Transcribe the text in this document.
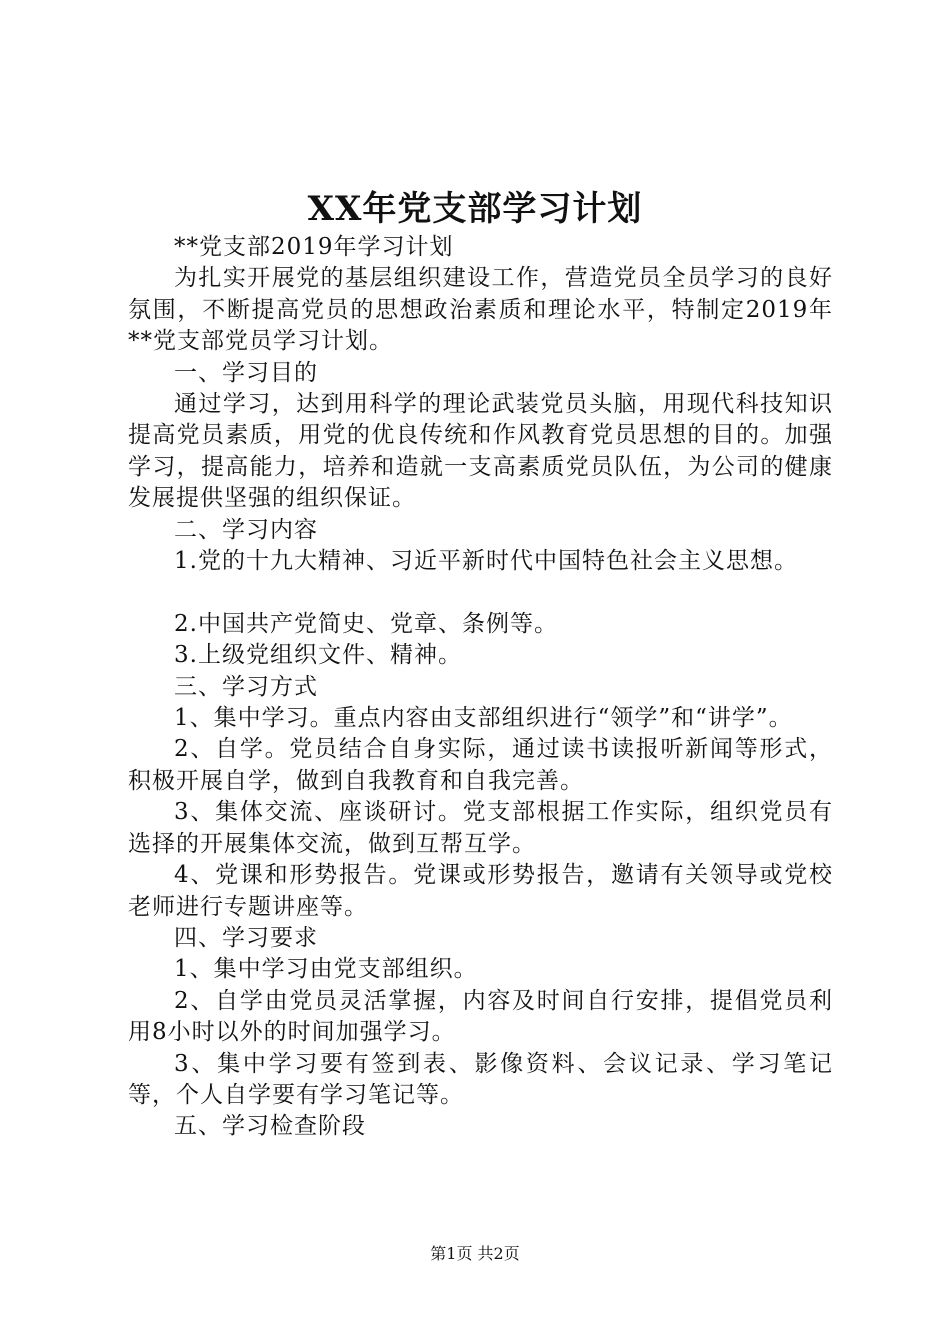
XX年党支部学习计划

**党支部2019年学习计划

为扎实开展党的基层组织建设工作，营造党员全员学习的良好氛围，不断提高党员的思想政治素质和理论水平，特制定2019年**党支部党员学习计划。

一、学习目的

通过学习，达到用科学的理论武装党员头脑，用现代科技知识提高党员素质，用党的优良传统和作风教育党员思想的目的。加强学习，提高能力，培养和造就一支高素质党员队伍，为公司的健康发展提供坚强的组织保证。

二、学习内容

1.党的十九大精神、习近平新时代中国特色社会主义思想。

2.中国共产党简史、党章、条例等。

3.上级党组织文件、精神。

三、学习方式

1、集中学习。重点内容由支部组织进行“领学”和“讲学”。

2、自学。党员结合自身实际，通过读书读报听新闻等形式，积极开展自学，做到自我教育和自我完善。

3、集体交流、座谈研讨。党支部根据工作实际，组织党员有选择的开展集体交流，做到互帮互学。

4、党课和形势报告。党课或形势报告，邀请有关领导或党校老师进行专题讲座等。

四、学习要求

1、集中学习由党支部组织。

2、自学由党员灵活掌握，内容及时间自行安排，提倡党员利用8小时以外的时间加强学习。

3、集中学习要有签到表、影像资料、会议记录、学习笔记等，个人自学要有学习笔记等。

五、学习检查阶段

第1页 共2页
